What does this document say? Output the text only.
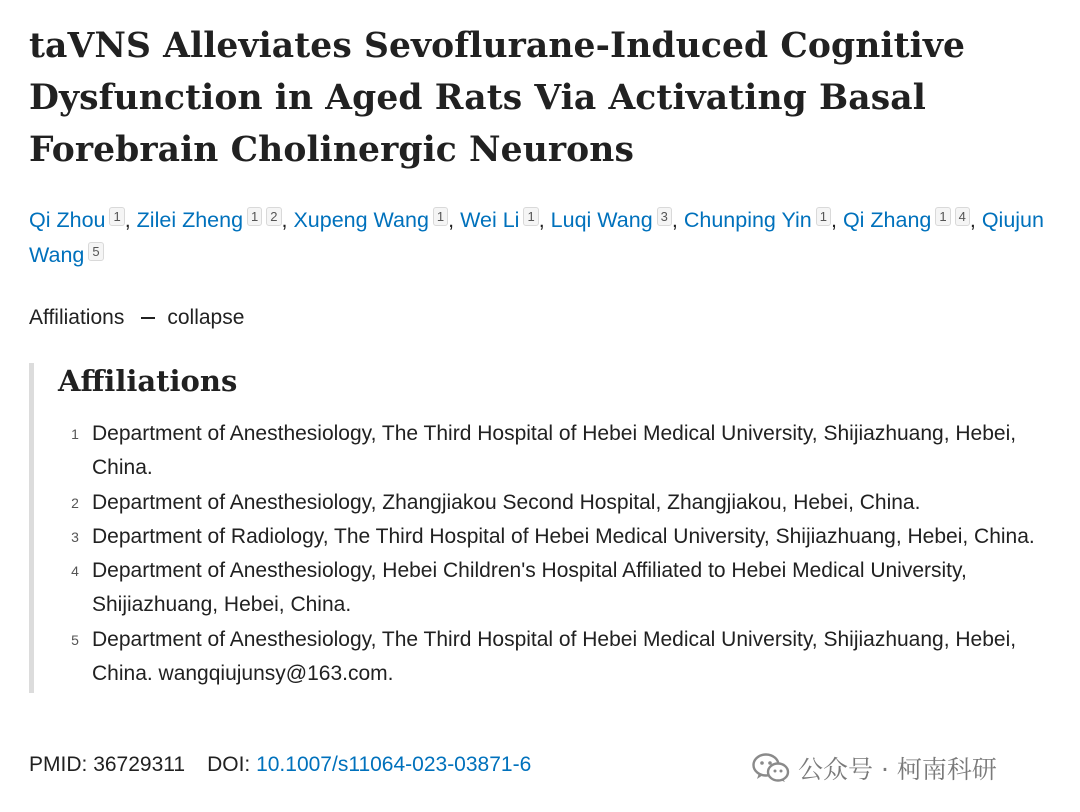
taVNS Alleviates Sevoflurane-Induced Cognitive Dysfunction in Aged Rats Via Activating Basal Forebrain Cholinergic Neurons
Qi Zhou 1 , Zilei Zheng 1 2 , Xupeng Wang 1 , Wei Li 1 , Luqi Wang 3 , Chunping Yin 1 , Qi Zhang 1 4 , Qiujun Wang 5
Affiliations collapse
Affiliations
1 Department of Anesthesiology, The Third Hospital of Hebei Medical University, Shijiazhuang, Hebei, China.
2 Department of Anesthesiology, Zhangjiakou Second Hospital, Zhangjiakou, Hebei, China.
3 Department of Radiology, The Third Hospital of Hebei Medical University, Shijiazhuang, Hebei, China.
4 Department of Anesthesiology, Hebei Children's Hospital Affiliated to Hebei Medical University, Shijiazhuang, Hebei, China.
5 Department of Anesthesiology, The Third Hospital of Hebei Medical University, Shijiazhuang, Hebei, China. wangqiujunsy@163.com.
PMID: 36729311 DOI: 10.1007/s11064-023-03871-6	公众号 · 柯南科研
